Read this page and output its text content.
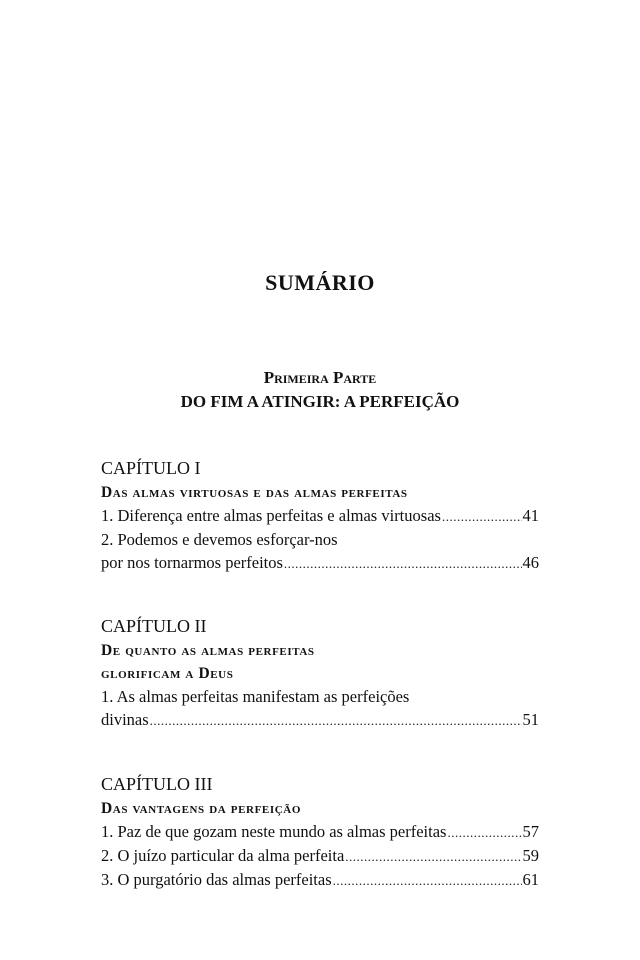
SUMÁRIO
Primeira Parte
DO FIM A ATINGIR: A PERFEIÇÃO
CAPÍTULO I
Das almas virtuosas e das almas perfeitas
1. Diferença entre almas perfeitas e almas virtuosas .....	41
2. Podemos e devemos esforçar-nos
por nos tornarmos perfeitos .....	46
CAPÍTULO II
De quanto as almas perfeitas
glorificam a Deus
1. As almas perfeitas manifestam as perfeições
divinas .....	51
CAPÍTULO III
Das vantagens da perfeição
1. Paz de que gozam neste mundo as almas perfeitas .....	57
2. O juízo particular da alma perfeita .....	59
3. O purgatório das almas perfeitas .....	61
